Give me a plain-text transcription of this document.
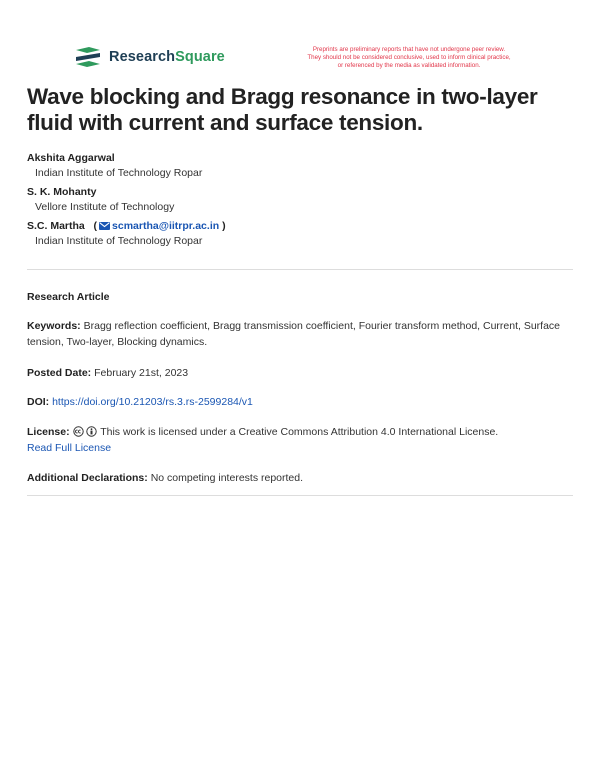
ResearchSquare	Preprints are preliminary reports that have not undergone peer review.
They should not be considered conclusive, used to inform clinical practice,
or referenced by the media as validated information.
Wave blocking and Bragg resonance in two-layer fluid with current and surface tension.
Akshita Aggarwal
Indian Institute of Technology Ropar
S. K. Mohanty
Vellore Institute of Technology
S.C. Martha   ( scmartha@iitrpr.ac.in )
Indian Institute of Technology Ropar
Research Article
Keywords: Bragg reflection coefficient, Bragg transmission coefficient, Fourier transform method, Current, Surface tension, Two-layer, Blocking dynamics.
Posted Date: February 21st, 2023
DOI: https://doi.org/10.21203/rs.3.rs-2599284/v1
License:	This work is licensed under a Creative Commons Attribution 4.0 International License.
Read Full License
Additional Declarations: No competing interests reported.
